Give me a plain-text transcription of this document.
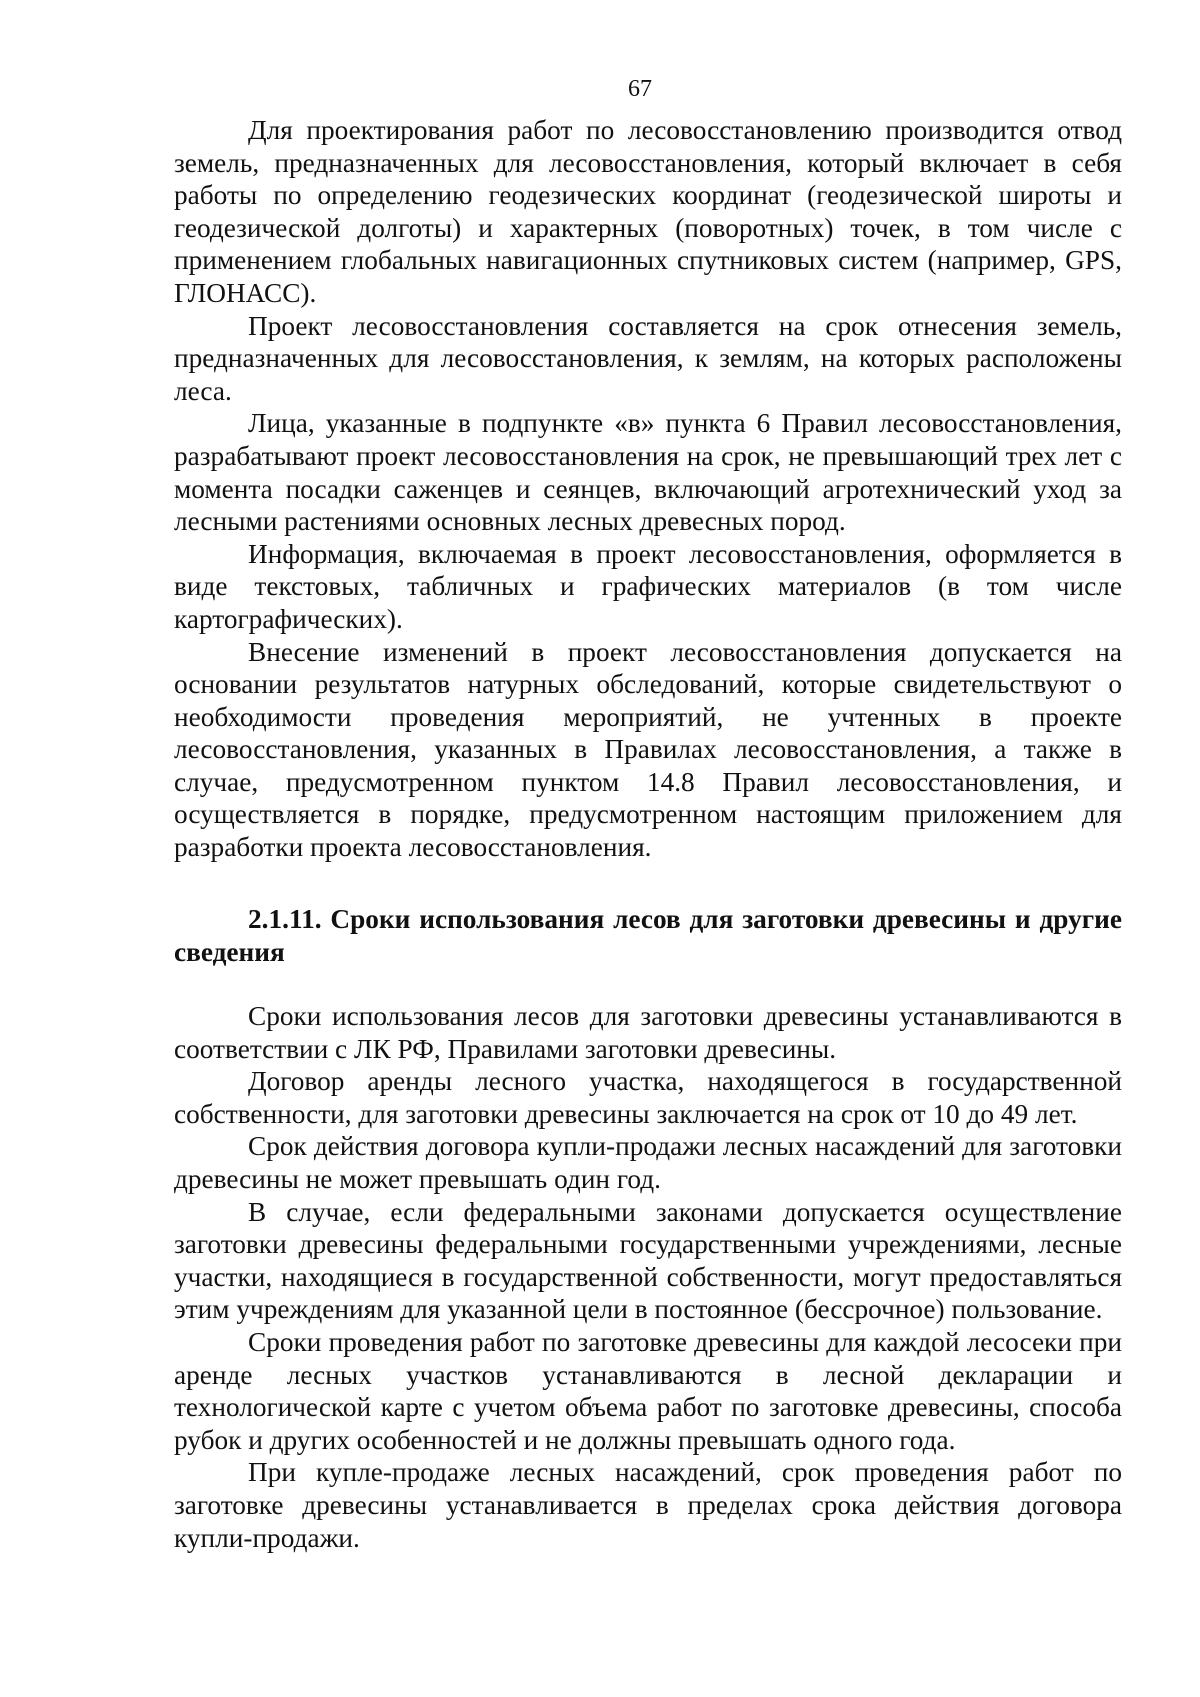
67

Для проектирования работ по лесовосстановлению производится отвод земель, предназначенных для лесовосстановления, который включает в себя работы по определению геодезических координат (геодезической широты и геодезической долготы) и характерных (поворотных) точек, в том числе с применением глобальных навигационных спутниковых систем (например, GPS, ГЛОНАСС).

Проект лесовосстановления составляется на срок отнесения земель, предназначенных для лесовосстановления, к землям, на которых расположены леса.

Лица, указанные в подпункте «в» пункта 6 Правил лесовосстановления, разрабатывают проект лесовосстановления на срок, не превышающий трех лет с момента посадки саженцев и сеянцев, включающий агротехнический уход за лесными растениями основных лесных древесных пород.

Информация, включаемая в проект лесовосстановления, оформляется в виде текстовых, табличных и графических материалов (в том числе картографических).

Внесение изменений в проект лесовосстановления допускается на основании результатов натурных обследований, которые свидетельствуют о необходимости проведения мероприятий, не учтенных в проекте лесовосстановления, указанных в Правилах лесовосстановления, а также в случае, предусмотренном пунктом 14.8 Правил лесовосстановления, и осуществляется в порядке, предусмотренном настоящим приложением для разработки проекта лесовосстановления.

2.1.11. Сроки использования лесов для заготовки древесины и другие сведения

Сроки использования лесов для заготовки древесины устанавливаются в соответствии с ЛК РФ, Правилами заготовки древесины.

Договор аренды лесного участка, находящегося в государственной собственности, для заготовки древесины заключается на срок от 10 до 49 лет.

Срок действия договора купли-продажи лесных насаждений для заготовки древесины не может превышать один год.

В случае, если федеральными законами допускается осуществление заготовки древесины федеральными государственными учреждениями, лесные участки, находящиеся в государственной собственности, могут предоставляться этим учреждениям для указанной цели в постоянное (бессрочное) пользование.

Сроки проведения работ по заготовке древесины для каждой лесосеки при аренде лесных участков устанавливаются в лесной декларации и технологической карте с учетом объема работ по заготовке древесины, способа рубок и других особенностей и не должны превышать одного года.

При купле-продаже лесных насаждений, срок проведения работ по заготовке древесины устанавливается в пределах срока действия договора купли-продажи.
